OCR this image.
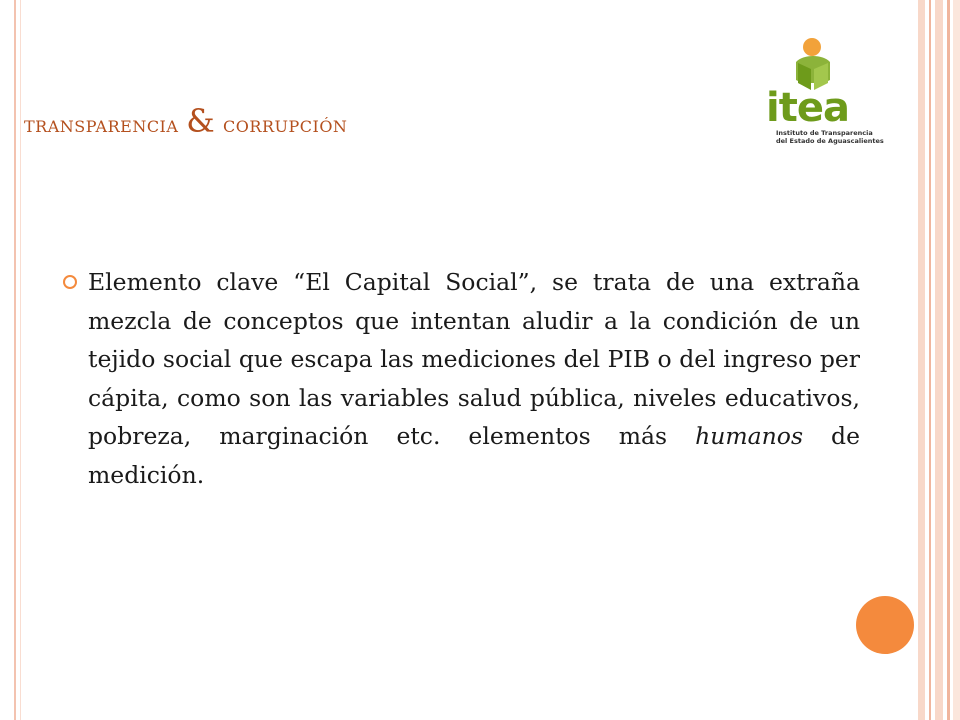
transparencia & corrupción	itea
Instituto de Transparencia
del Estado de Aguascalientes

Elemento clave “El Capital Social”, se trata de una extraña mezcla de conceptos que intentan aludir a la condición de un tejido social que escapa las mediciones del PIB o del ingreso per cápita, como son las variables salud pública, niveles educativos, pobreza, marginación etc. elementos más humanos de medición.
